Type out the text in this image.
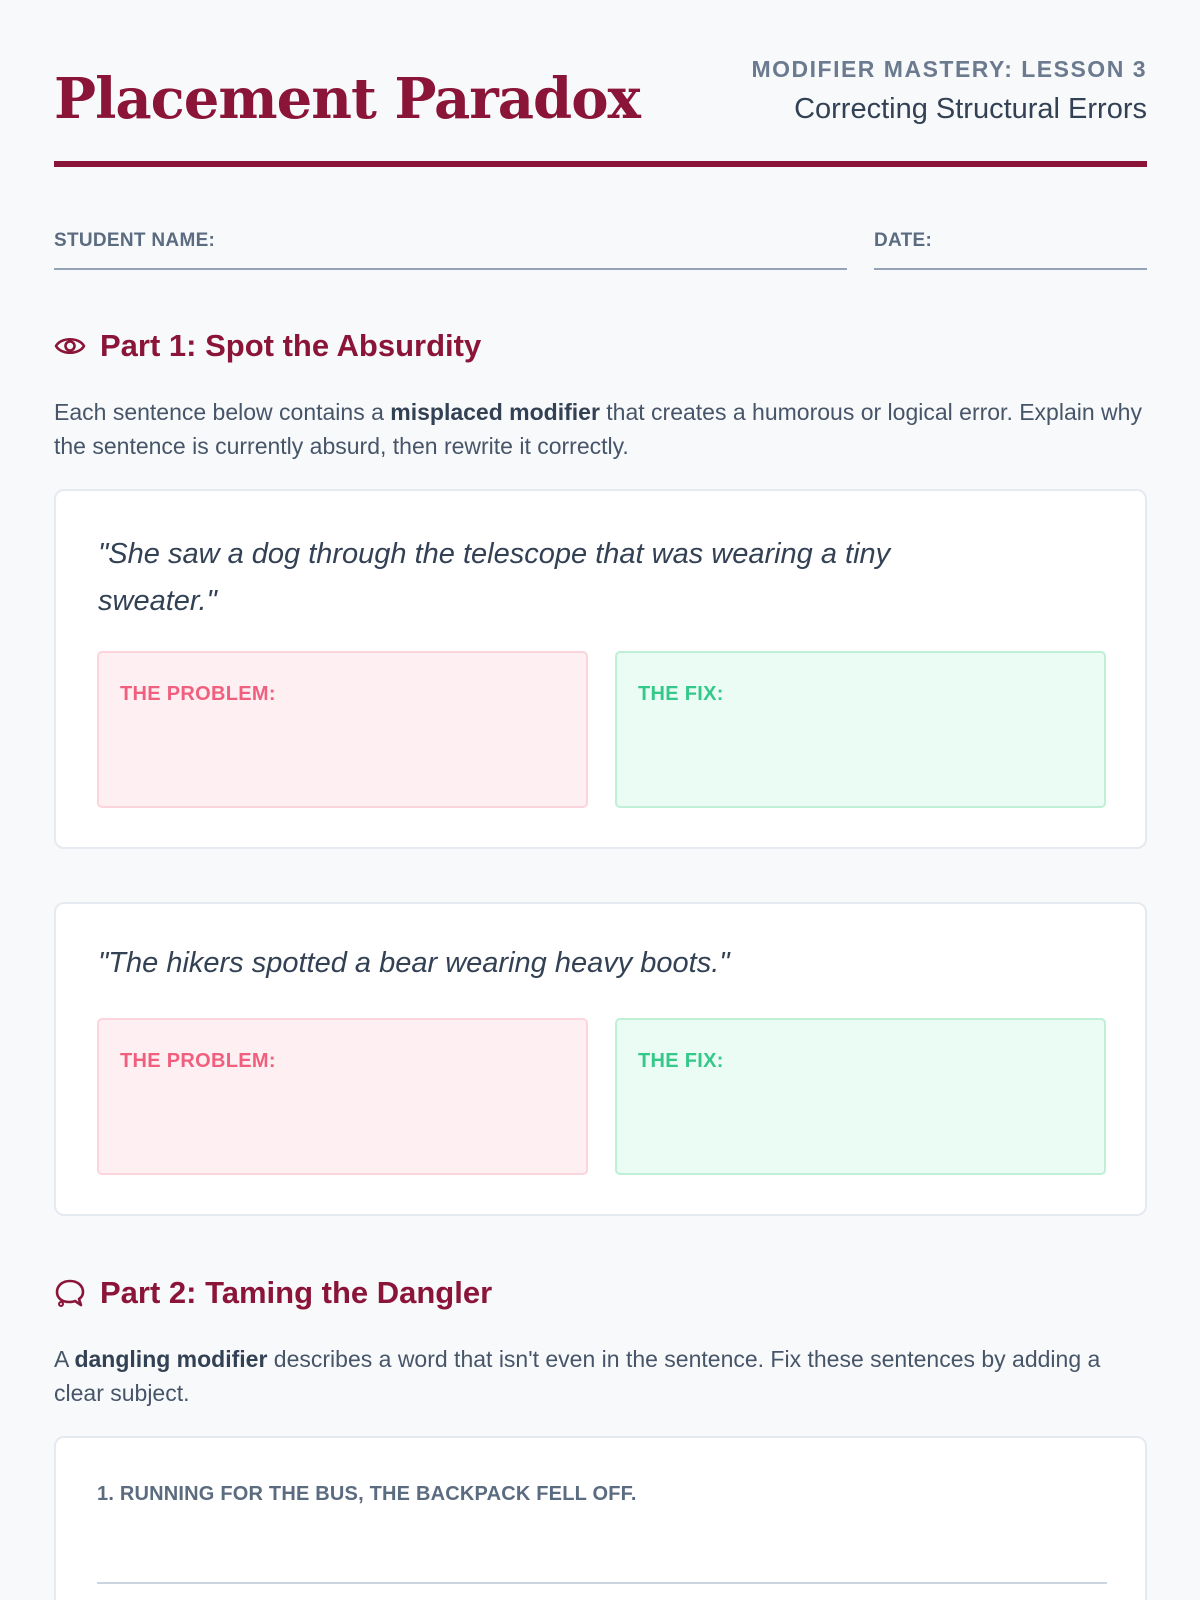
Placement Paradox	MODIFIER MASTERY: LESSON 3
Correcting Structural Errors
STUDENT NAME:	DATE:
Part 1: Spot the Absurdity
Each sentence below contains a misplaced modifier that creates a humorous or logical error. Explain why the sentence is currently absurd, then rewrite it correctly.
"She saw a dog through the telescope that was wearing a tiny sweater."
THE PROBLEM:	THE FIX:
"The hikers spotted a bear wearing heavy boots."
THE PROBLEM:	THE FIX:
Part 2: Taming the Dangler
A dangling modifier describes a word that isn't even in the sentence. Fix these sentences by adding a clear subject.
1. RUNNING FOR THE BUS, THE BACKPACK FELL OFF.
